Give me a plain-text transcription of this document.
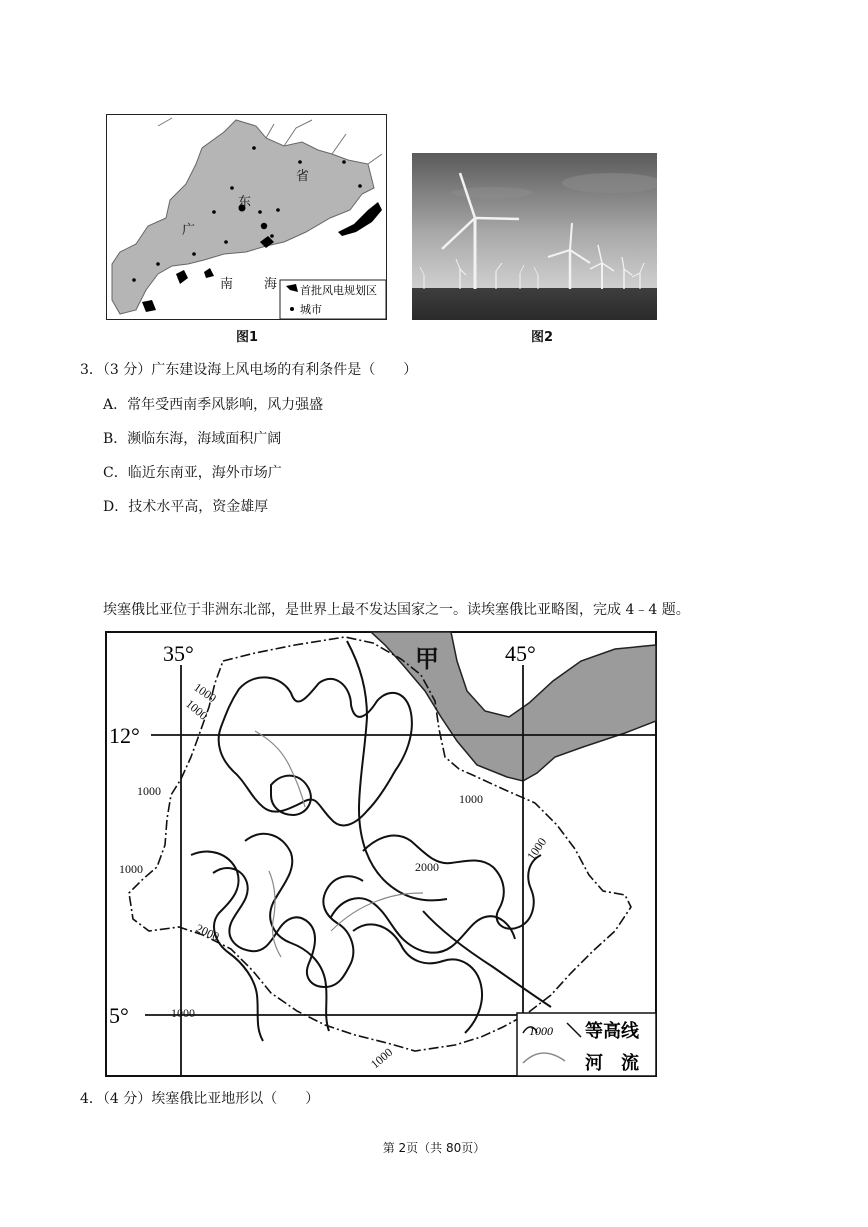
省
东
广
南 海 首批风电规划区
城市
图1	图2
3．（3 分）广东建设海上风电场的有利条件是（　　）
A．常年受西南季风影响，风力强盛
B．濒临东海，海域面积广阔
C．临近东南亚，海外市场广
D．技术水平高，资金雄厚
埃塞俄比亚位于非洲东北部，是世界上最不发达国家之一。读埃塞俄比亚略图，完成 4﹣4 题。
35°	45°
12°
5°
甲
1000
1000
1000
1000
1000
1000
2000
2000
1000
1000
1000 等高线
河　流
4．（4 分）埃塞俄比亚地形以（　　）
第 2页（共 80页）
